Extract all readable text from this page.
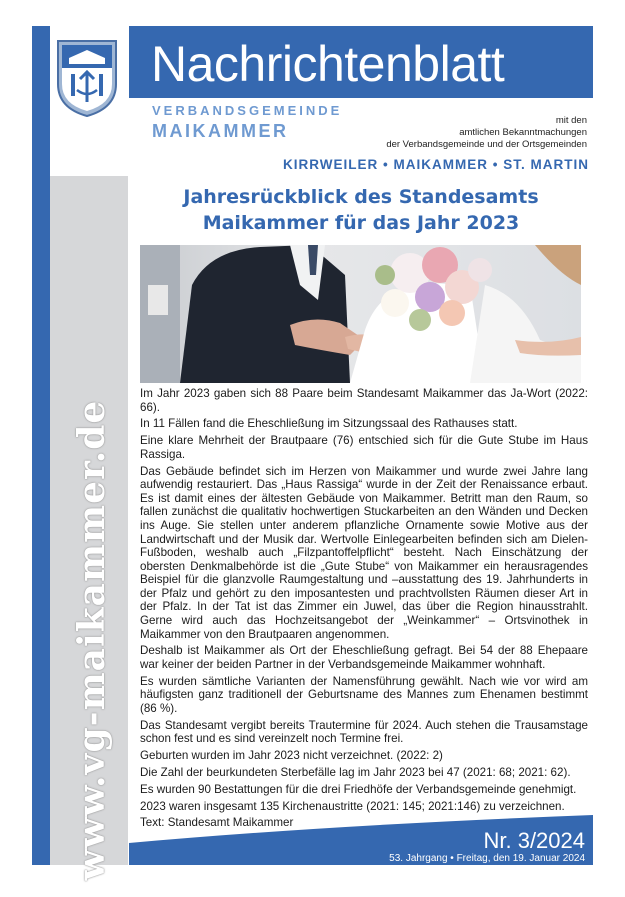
www.vg-maikammer.de
Nachrichtenblatt
VERBANDSGEMEINDE
MAIKAMMER
mit den
amtlichen Bekanntmachungen
der Verbandsgemeinde und der Ortsgemeinden
KIRRWEILER • MAIKAMMER • ST. MARTIN
Jahresrückblick des Standesamts
Maikammer für das Jahr 2023

Im Jahr 2023 gaben sich 88 Paare beim Standesamt Maikammer das Ja-Wort (2022: 66).

In 11 Fällen fand die Eheschließung im Sitzungssaal des Rathauses statt.

Eine klare Mehrheit der Brautpaare (76) entschied sich für die Gute Stube im Haus Rassiga.

Das Gebäude befindet sich im Herzen von Maikammer und wurde zwei Jahre lang aufwendig restauriert. Das „Haus Rassiga“ wurde in der Zeit der Renaissance erbaut. Es ist damit eines der ältesten Gebäude von Maikammer. Betritt man den Raum, so fallen zunächst die qualitativ hochwertigen Stuckarbeiten an den Wänden und Decken ins Auge. Sie stellen unter anderem pflanzliche Ornamente sowie Motive aus der Landwirtschaft und der Musik dar. Wertvolle Einlegearbeiten befinden sich am Dielen-Fußboden, weshalb auch „Filzpantoffelpflicht“ besteht. Nach Einschätzung der obersten Denkmalbehörde ist die „Gute Stube“ von Maikammer ein herausragendes Beispiel für die glanzvolle Raumgestaltung und –ausstattung des 19. Jahrhunderts in der Pfalz und gehört zu den imposantesten und prachtvollsten Räumen dieser Art in der Pfalz. In der Tat ist das Zimmer ein Juwel, das über die Region hinausstrahlt. Gerne wird auch das Hochzeitsangebot der „Weinkammer“ – Ortsvinothek in Maikammer von den Brautpaaren angenommen.

Deshalb ist Maikammer als Ort der Eheschließung gefragt. Bei 54 der 88 Ehepaare war keiner der beiden Partner in der Verbandsgemeinde Maikammer wohnhaft.

Es wurden sämtliche Varianten der Namensführung gewählt. Nach wie vor wird am häufigsten ganz traditionell der Geburtsname des Mannes zum Ehenamen bestimmt (86 %).

Das Standesamt vergibt bereits Trautermine für 2024. Auch stehen die Trausamstage schon fest und es sind vereinzelt noch Termine frei.

Geburten wurden im Jahr 2023 nicht verzeichnet. (2022: 2)

Die Zahl der beurkundeten Sterbefälle lag im Jahr 2023 bei 47 (2021: 68; 2021: 62).

Es wurden 90 Bestattungen für die drei Friedhöfe der Verbandsgemeinde genehmigt.

2023 waren insgesamt 135 Kirchenaustritte (2021: 145; 2021:146) zu verzeichnen.

Text: Standesamt Maikammer

Nr. 3/2024
53. Jahrgang • Freitag, den 19. Januar 2024
